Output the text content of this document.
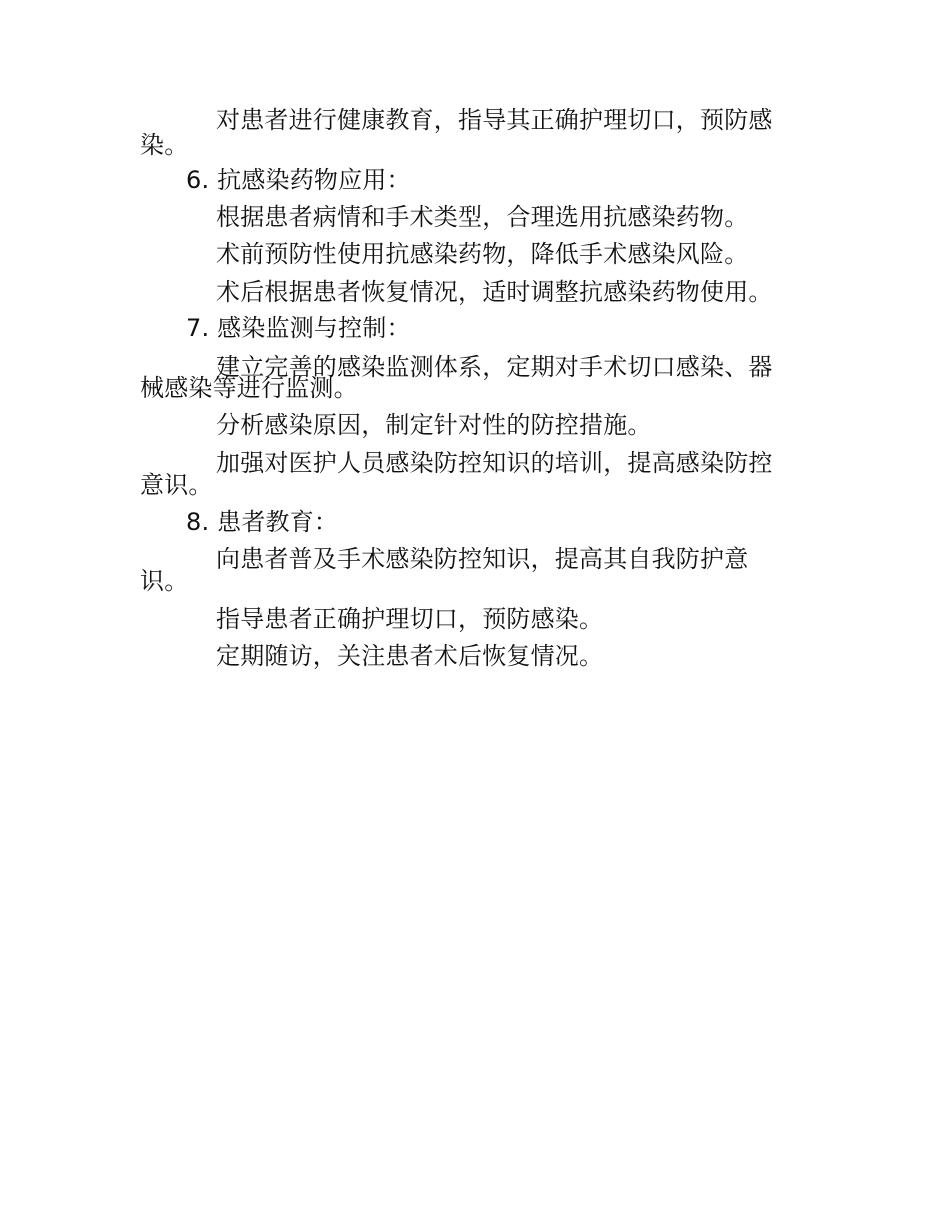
对患者进行健康教育，指导其正确护理切口，预防感
染。
6. 抗感染药物应用：
根据患者病情和手术类型，合理选用抗感染药物。
术前预防性使用抗感染药物，降低手术感染风险。
术后根据患者恢复情况，适时调整抗感染药物使用。
7. 感染监测与控制：
建立完善的感染监测体系，定期对手术切口感染、器
械感染等进行监测。
分析感染原因，制定针对性的防控措施。
加强对医护人员感染防控知识的培训，提高感染防控
意识。
8. 患者教育：
向患者普及手术感染防控知识，提高其自我防护意
识。
指导患者正确护理切口，预防感染。
定期随访，关注患者术后恢复情况。
